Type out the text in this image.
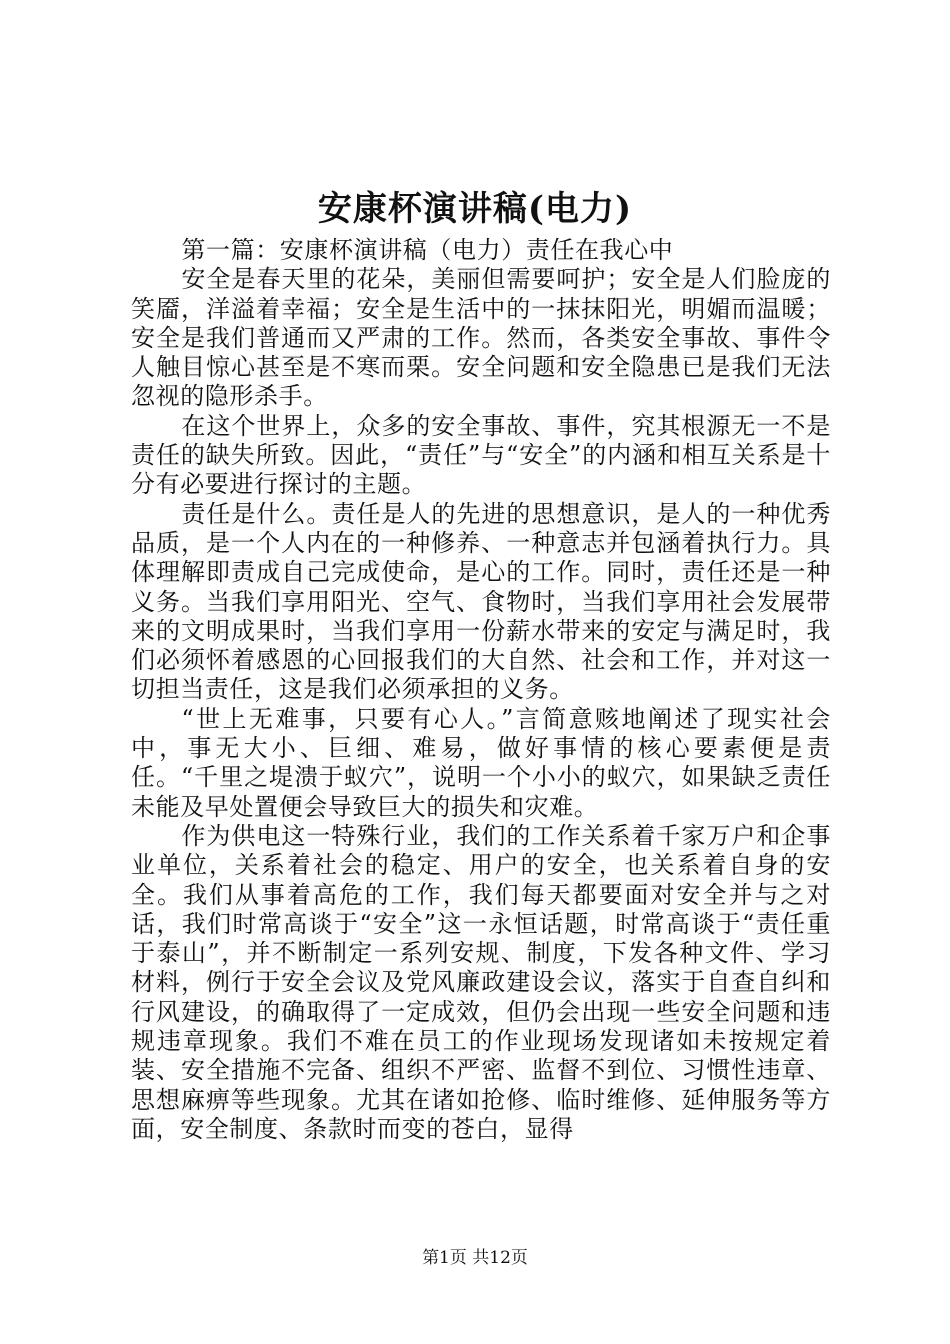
安康杯演讲稿(电力)

第一篇：安康杯演讲稿（电力）责任在我心中

安全是春天里的花朵，美丽但需要呵护；安全是人们脸庞的笑靥，洋溢着幸福；安全是生活中的一抹抹阳光，明媚而温暖；安全是我们普通而又严肃的工作。然而，各类安全事故、事件令人触目惊心甚至是不寒而栗。安全问题和安全隐患已是我们无法忽视的隐形杀手。

在这个世界上，众多的安全事故、事件，究其根源无一不是责任的缺失所致。因此，“责任”与“安全”的内涵和相互关系是十分有必要进行探讨的主题。

责任是什么。责任是人的先进的思想意识，是人的一种优秀品质，是一个人内在的一种修养、一种意志并包涵着执行力。具体理解即责成自己完成使命，是心的工作。同时，责任还是一种义务。当我们享用阳光、空气、食物时，当我们享用社会发展带来的文明成果时，当我们享用一份薪水带来的安定与满足时，我们必须怀着感恩的心回报我们的大自然、社会和工作，并对这一切担当责任，这是我们必须承担的义务。

“世上无难事，只要有心人。”言简意赅地阐述了现实社会中，事无大小、巨细、难易，做好事情的核心要素便是责任。“千里之堤溃于蚁穴”，说明一个小小的蚁穴，如果缺乏责任未能及早处置便会导致巨大的损失和灾难。

作为供电这一特殊行业，我们的工作关系着千家万户和企事业单位，关系着社会的稳定、用户的安全，也关系着自身的安全。我们从事着高危的工作，我们每天都要面对安全并与之对话，我们时常高谈于“安全”这一永恒话题，时常高谈于“责任重于泰山”，并不断制定一系列安规、制度，下发各种文件、学习材料，例行于安全会议及党风廉政建设会议，落实于自查自纠和行风建设，的确取得了一定成效，但仍会出现一些安全问题和违规违章现象。我们不难在员工的作业现场发现诸如未按规定着装、安全措施不完备、组织不严密、监督不到位、习惯性违章、思想麻痹等些现象。尤其在诸如抢修、临时维修、延伸服务等方面，安全制度、条款时而变的苍白，显得

第1页 共12页
